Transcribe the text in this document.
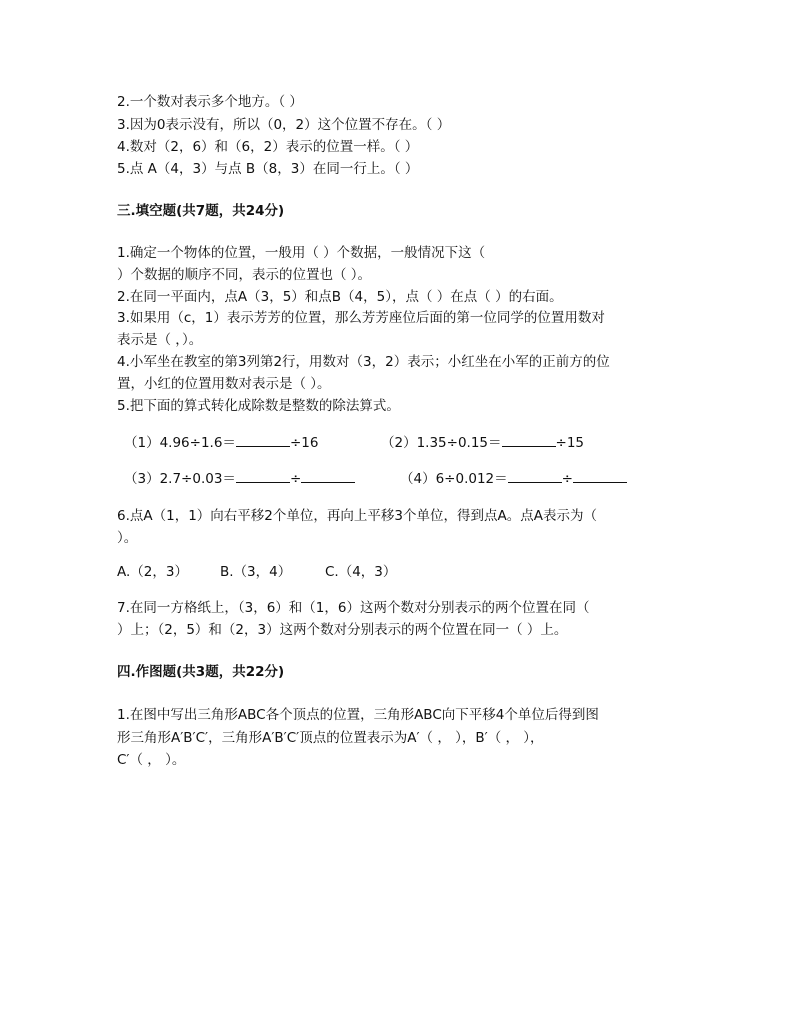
2.一个数对表示多个地方。（ ）
3.因为0表示没有，所以（0，2）这个位置不存在。（ ）
4.数对（2，6）和（6，2）表示的位置一样。（ ）
5.点 A（4，3）与点 B（8，3）在同一行上。（ ）
三.填空题(共7题，共24分)
1.确定一个物体的位置，一般用（ ）个数据，一般情况下这（
）个数据的顺序不同，表示的位置也（ ）。
2.在同一平面内，点A（3，5）和点B（4，5），点（ ）在点（ ）的右面。
3.如果用（c，1）表示芳芳的位置，那么芳芳座位后面的第一位同学的位置用数对
表示是（ ，）。
4.小军坐在教室的第3列第2行，用数对（3，2）表示；小红坐在小军的正前方的位
置，小红的位置用数对表示是（ ）。
5.把下面的算式转化成除数是整数的除法算式。
（1）4.96÷1.6＝	÷16	（2）1.35÷0.15＝	÷15
（3）2.7÷0.03＝	÷	（4）6÷0.012＝	÷
6.点A（1，1）向右平移2个单位，再向上平移3个单位，得到点A。点A表示为（
）。
A.（2，3） B.（3，4）	C.（4，3）
7.在同一方格纸上，（3，6）和（1，6）这两个数对分别表示的两个位置在同（
）上；（2，5）和（2，3）这两个数对分别表示的两个位置在同一（ ）上。
四.作图题(共3题，共22分)
1.在图中写出三角形ABC各个顶点的位置，三角形ABC向下平移4个单位后得到图
形三角形A′B′C′，三角形A′B′C′顶点的位置表示为A′（ ， ），B′（ ， ），
C′（ ， ）。
